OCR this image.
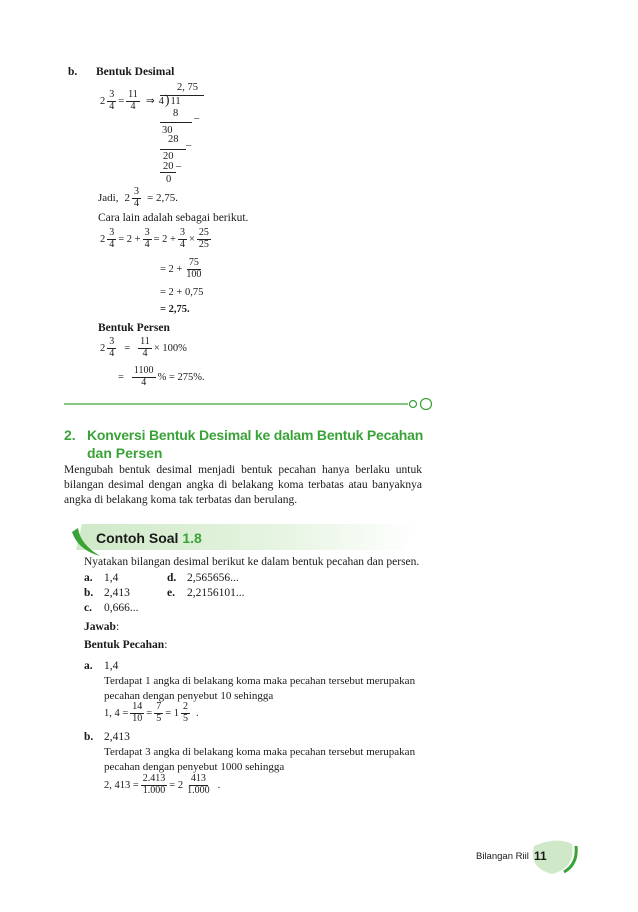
b. Bentuk Desimal
$2 \frac{3}{4} = \frac{11}{4}$ ⇒ 4 ) 11
2, 75
8 –
30
28
–
20
20 –
0
Jadi, $2 \frac{3}{4} = 2,75$.
Cara lain adalah sebagai berikut.
$2 \frac{3}{4} = 2 + \frac{3}{4} = 2 + \frac{3}{4} \times \frac{25}{25}$
= $2 + \frac{75}{100}$
= 2 + 0,75
= 2,75.
Bentuk Persen
$2 \frac{3}{4} = \frac{11}{4} \times 100\%$
= $\frac{1100}{4}$ % = 275%.
2. Konversi Bentuk Desimal ke dalam Bentuk Pecahan
dan Persen

Mengubah bentuk desimal menjadi bentuk pecahan hanya berlaku untuk bilangan desimal dengan angka di belakang koma terbatas atau banyaknya angka di belakang koma tak terbatas dan berulang.

Contoh Soal 1.8
Nyatakan bilangan desimal berikut ke dalam bentuk pecahan dan persen.
a. 1,4
b. 2,413
c. 0,666...
d. 2,565656...
e. 2,2156101...
Jawab:
Bentuk Pecahan:
a. 1,4
Terdapat 1 angka di belakang koma maka pecahan tersebut merupakan
pecahan dengan penyebut 10 sehingga
1, $4 = \frac{14}{10} = \frac{7}{5} = 1 \frac{2}{5}$ .
b. 2,413
Terdapat 3 angka di belakang koma maka pecahan tersebut merupakan
pecahan dengan penyebut 1000 sehingga
2, $413 = \frac{2.413}{1.000} = 2 \frac{413}{1.000}$ .
Bilangan Riil 11
